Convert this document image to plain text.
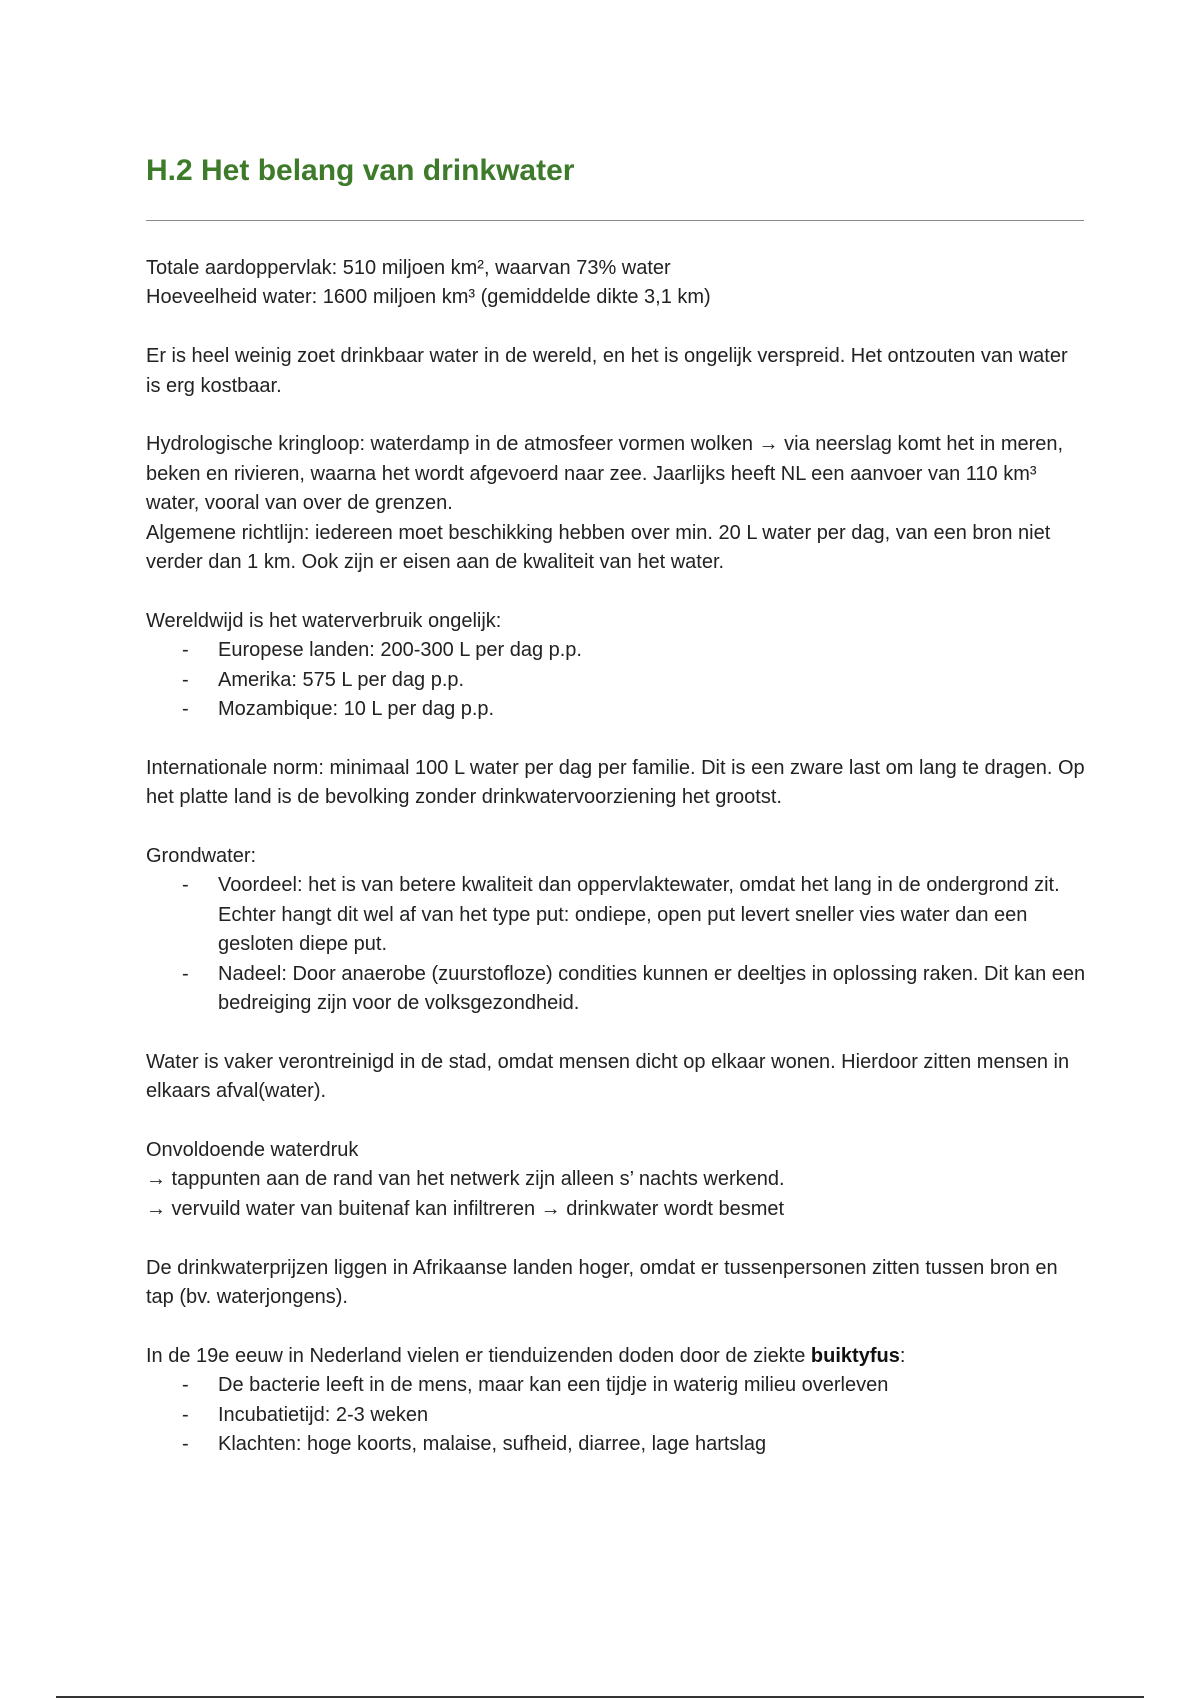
H.2 Het belang van drinkwater

Totale aardoppervlak: 510 miljoen km², waarvan 73% water
Hoeveelheid water: 1600 miljoen km³ (gemiddelde dikte 3,1 km)

Er is heel weinig zoet drinkbaar water in de wereld, en het is ongelijk verspreid. Het ontzouten van water is erg kostbaar.

Hydrologische kringloop: waterdamp in de atmosfeer vormen wolken → via neerslag komt het in meren, beken en rivieren, waarna het wordt afgevoerd naar zee. Jaarlijks heeft NL een aanvoer van 110 km³ water, vooral van over de grenzen.

Algemene richtlijn: iedereen moet beschikking hebben over min. 20 L water per dag, van een bron niet verder dan 1 km. Ook zijn er eisen aan de kwaliteit van het water.

Wereldwijd is het waterverbruik ongelijk:

- Europese landen: 200-300 L per dag p.p.
- Amerika: 575 L per dag p.p.
- Mozambique: 10 L per dag p.p.

Internationale norm: minimaal 100 L water per dag per familie. Dit is een zware last om lang te dragen. Op het platte land is de bevolking zonder drinkwatervoorziening het grootst.

Grondwater:

- Voordeel: het is van betere kwaliteit dan oppervlaktewater, omdat het lang in de ondergrond zit. Echter hangt dit wel af van het type put: ondiepe, open put levert sneller vies water dan een gesloten diepe put.
- Nadeel: Door anaerobe (zuurstofloze) condities kunnen er deeltjes in oplossing raken. Dit kan een bedreiging zijn voor de volksgezondheid.

Water is vaker verontreinigd in de stad, omdat mensen dicht op elkaar wonen. Hierdoor zitten mensen in elkaars afval(water).

Onvoldoende waterdruk
→ tappunten aan de rand van het netwerk zijn alleen s’ nachts werkend.
→ vervuild water van buitenaf kan infiltreren → drinkwater wordt besmet

De drinkwaterprijzen liggen in Afrikaanse landen hoger, omdat er tussenpersonen zitten tussen bron en tap (bv. waterjongens).

In de 19e eeuw in Nederland vielen er tienduizenden doden door de ziekte buiktyfus:

- De bacterie leeft in de mens, maar kan een tijdje in waterig milieu overleven
- Incubatietijd: 2-3 weken
- Klachten: hoge koorts, malaise, sufheid, diarree, lage hartslag
